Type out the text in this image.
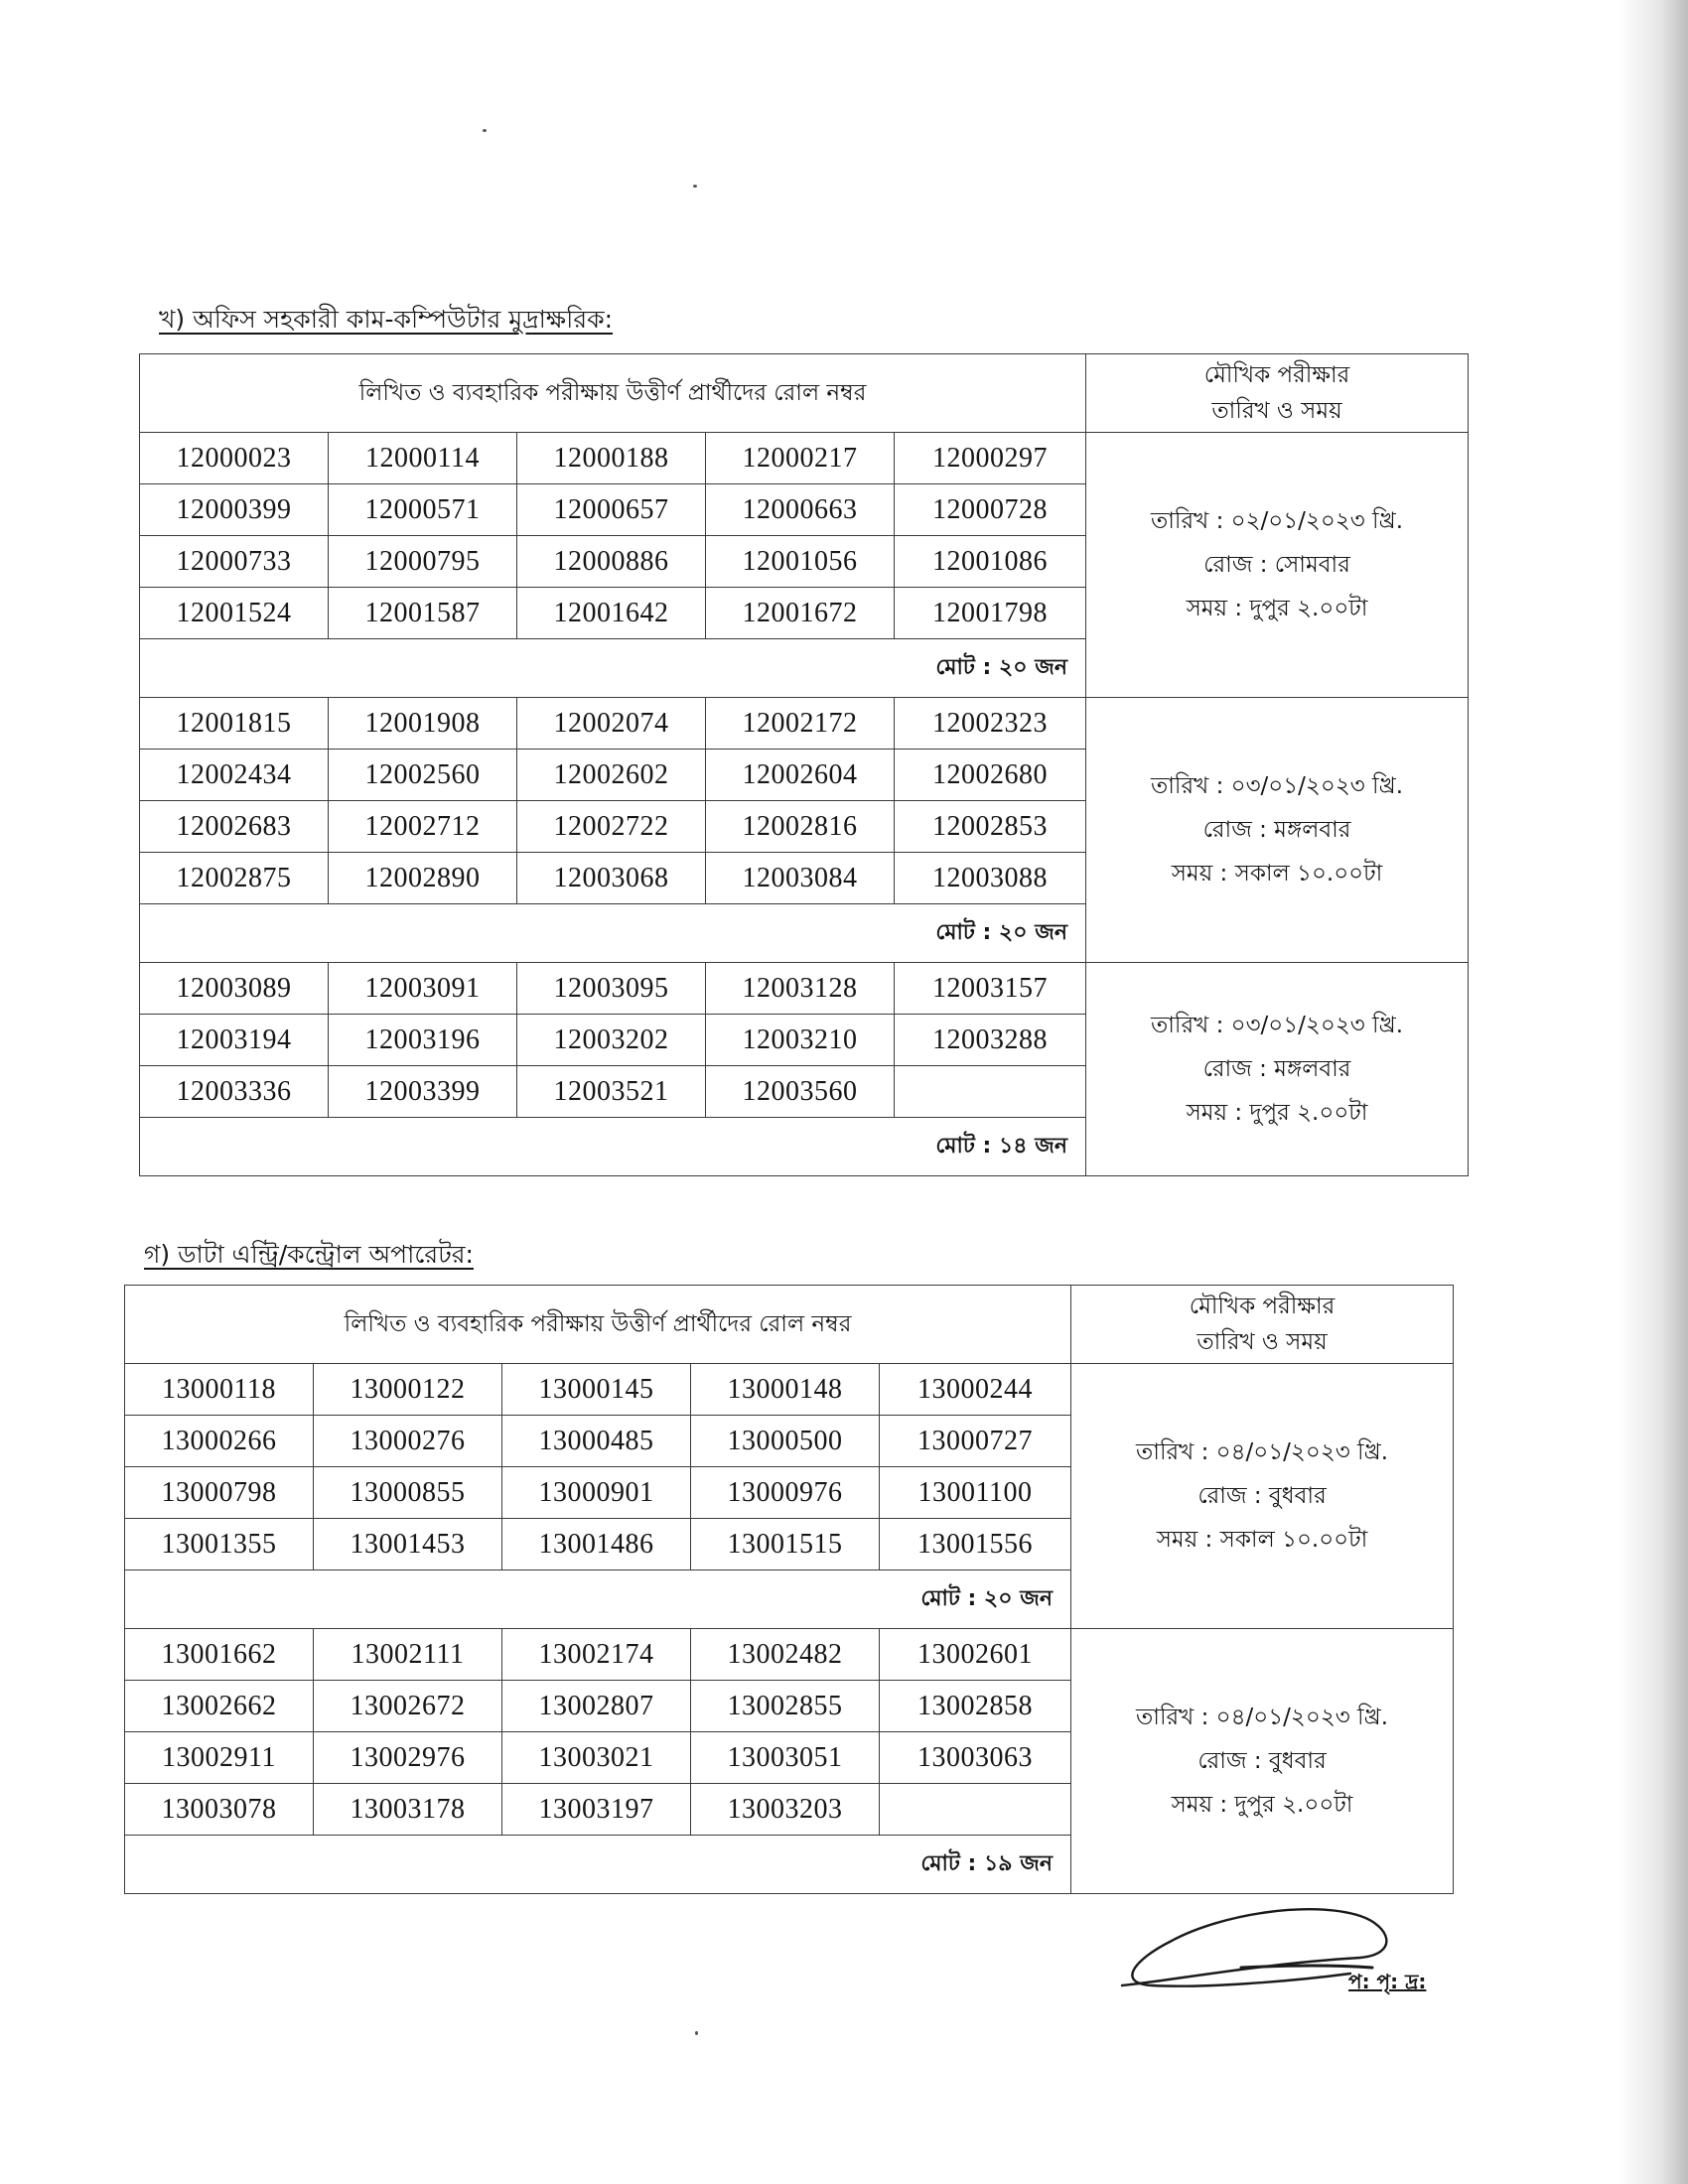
খ) অফিস সহকারী কাম-কম্পিউটার মুদ্রাক্ষরিক:
লিখিত ও ব্যবহারিক পরীক্ষায় উত্তীর্ণ প্রার্থীদের রোল নম্বর					মৌখিক পরীক্ষার
তারিখ ও সময়

12000023	12000114	12000188	12000217	12000297	তারিখ : ০২/০১/২০২৩ খ্রি.
রোজ : সোমবার
সময় : দুপুর ২.০০টা

12000399	12000571	12000657	12000663	12000728	
12000733	12000795	12000886	12001056	12001086	
12001524	12001587	12001642	12001672	12001798	
মোট : ২০ জন					
12001815	12001908	12002074	12002172	12002323	তারিখ : ০৩/০১/২০২৩ খ্রি.
রোজ : মঙ্গলবার
সময় : সকাল ১০.০০টা

12002434	12002560	12002602	12002604	12002680	
12002683	12002712	12002722	12002816	12002853	
12002875	12002890	12003068	12003084	12003088	
মোট : ২০ জন					
12003089	12003091	12003095	12003128	12003157	তারিখ : ০৩/০১/২০২৩ খ্রি.
রোজ : মঙ্গলবার
সময় : দুপুর ২.০০টা

12003194	12003196	12003202	12003210	12003288	
12003336	12003399	12003521	12003560		
মোট : ১৪ জন					
গ) ডাটা এন্ট্রি/কন্ট্রোল অপারেটর:
লিখিত ও ব্যবহারিক পরীক্ষায় উত্তীর্ণ প্রার্থীদের রোল নম্বর					মৌখিক পরীক্ষার
তারিখ ও সময়

13000118	13000122	13000145	13000148	13000244	তারিখ : ০৪/০১/২০২৩ খ্রি.
রোজ : বুধবার
সময় : সকাল ১০.০০টা

13000266	13000276	13000485	13000500	13000727	
13000798	13000855	13000901	13000976	13001100	
13001355	13001453	13001486	13001515	13001556	
মোট : ২০ জন					
13001662	13002111	13002174	13002482	13002601	তারিখ : ০৪/০১/২০২৩ খ্রি.
রোজ : বুধবার
সময় : দুপুর ২.০০টা

13002662	13002672	13002807	13002855	13002858	
13002911	13002976	13003021	13003051	13003063	
13003078	13003178	13003197	13003203		
মোট : ১৯ জন					
প: পৃ: দ্র:
